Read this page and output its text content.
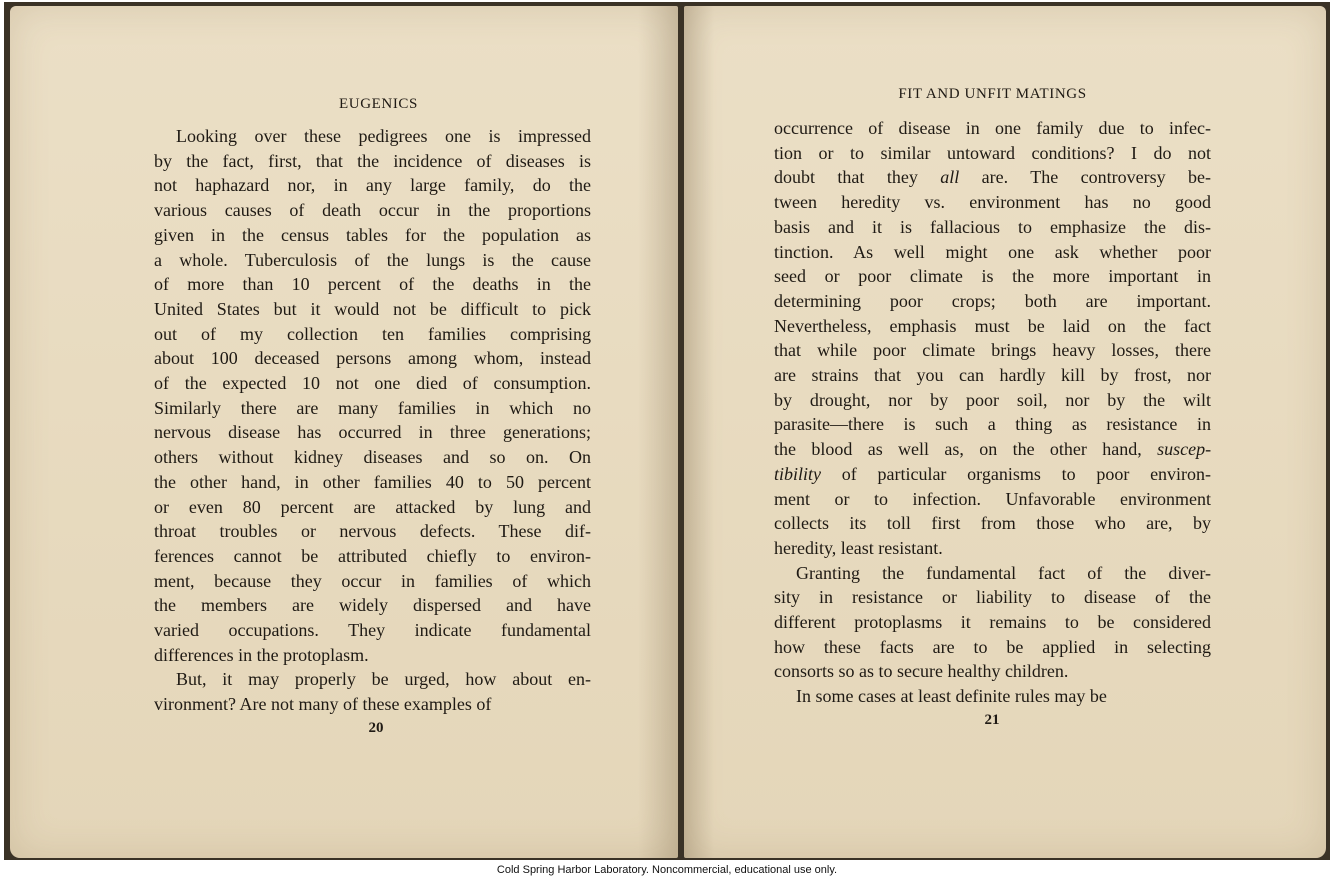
EUGENICS
Looking over these pedigrees one is impressed
by the fact, first, that the incidence of diseases is
not haphazard nor, in any large family, do the
various causes of death occur in the proportions
given in the census tables for the population as
a whole. Tuberculosis of the lungs is the cause
of more than 10 percent of the deaths in the
United States but it would not be difficult to pick
out of my collection ten families comprising
about 100 deceased persons among whom, instead
of the expected 10 not one died of consumption.
Similarly there are many families in which no
nervous disease has occurred in three generations;
others without kidney diseases and so on. On
the other hand, in other families 40 to 50 percent
or even 80 percent are attacked by lung and
throat troubles or nervous defects. These dif-
ferences cannot be attributed chiefly to environ-
ment, because they occur in families of which
the members are widely dispersed and have
varied occupations. They indicate fundamental
differences in the protoplasm.
But, it may properly be urged, how about en-
vironment? Are not many of these examples of
20
FIT AND UNFIT MATINGS
occurrence of disease in one family due to infec-
tion or to similar untoward conditions? I do not
doubt that they all are. The controversy be-
tween heredity vs. environment has no good
basis and it is fallacious to emphasize the dis-
tinction. As well might one ask whether poor
seed or poor climate is the more important in
determining poor crops; both are important.
Nevertheless, emphasis must be laid on the fact
that while poor climate brings heavy losses, there
are strains that you can hardly kill by frost, nor
by drought, nor by poor soil, nor by the wilt
parasite—there is such a thing as resistance in
the blood as well as, on the other hand, suscep-
tibility of particular organisms to poor environ-
ment or to infection. Unfavorable environment
collects its toll first from those who are, by
heredity, least resistant.
Granting the fundamental fact of the diver-
sity in resistance or liability to disease of the
different protoplasms it remains to be considered
how these facts are to be applied in selecting
consorts so as to secure healthy children.
In some cases at least definite rules may be
21
Cold Spring Harbor Laboratory. Noncommercial, educational use only.
